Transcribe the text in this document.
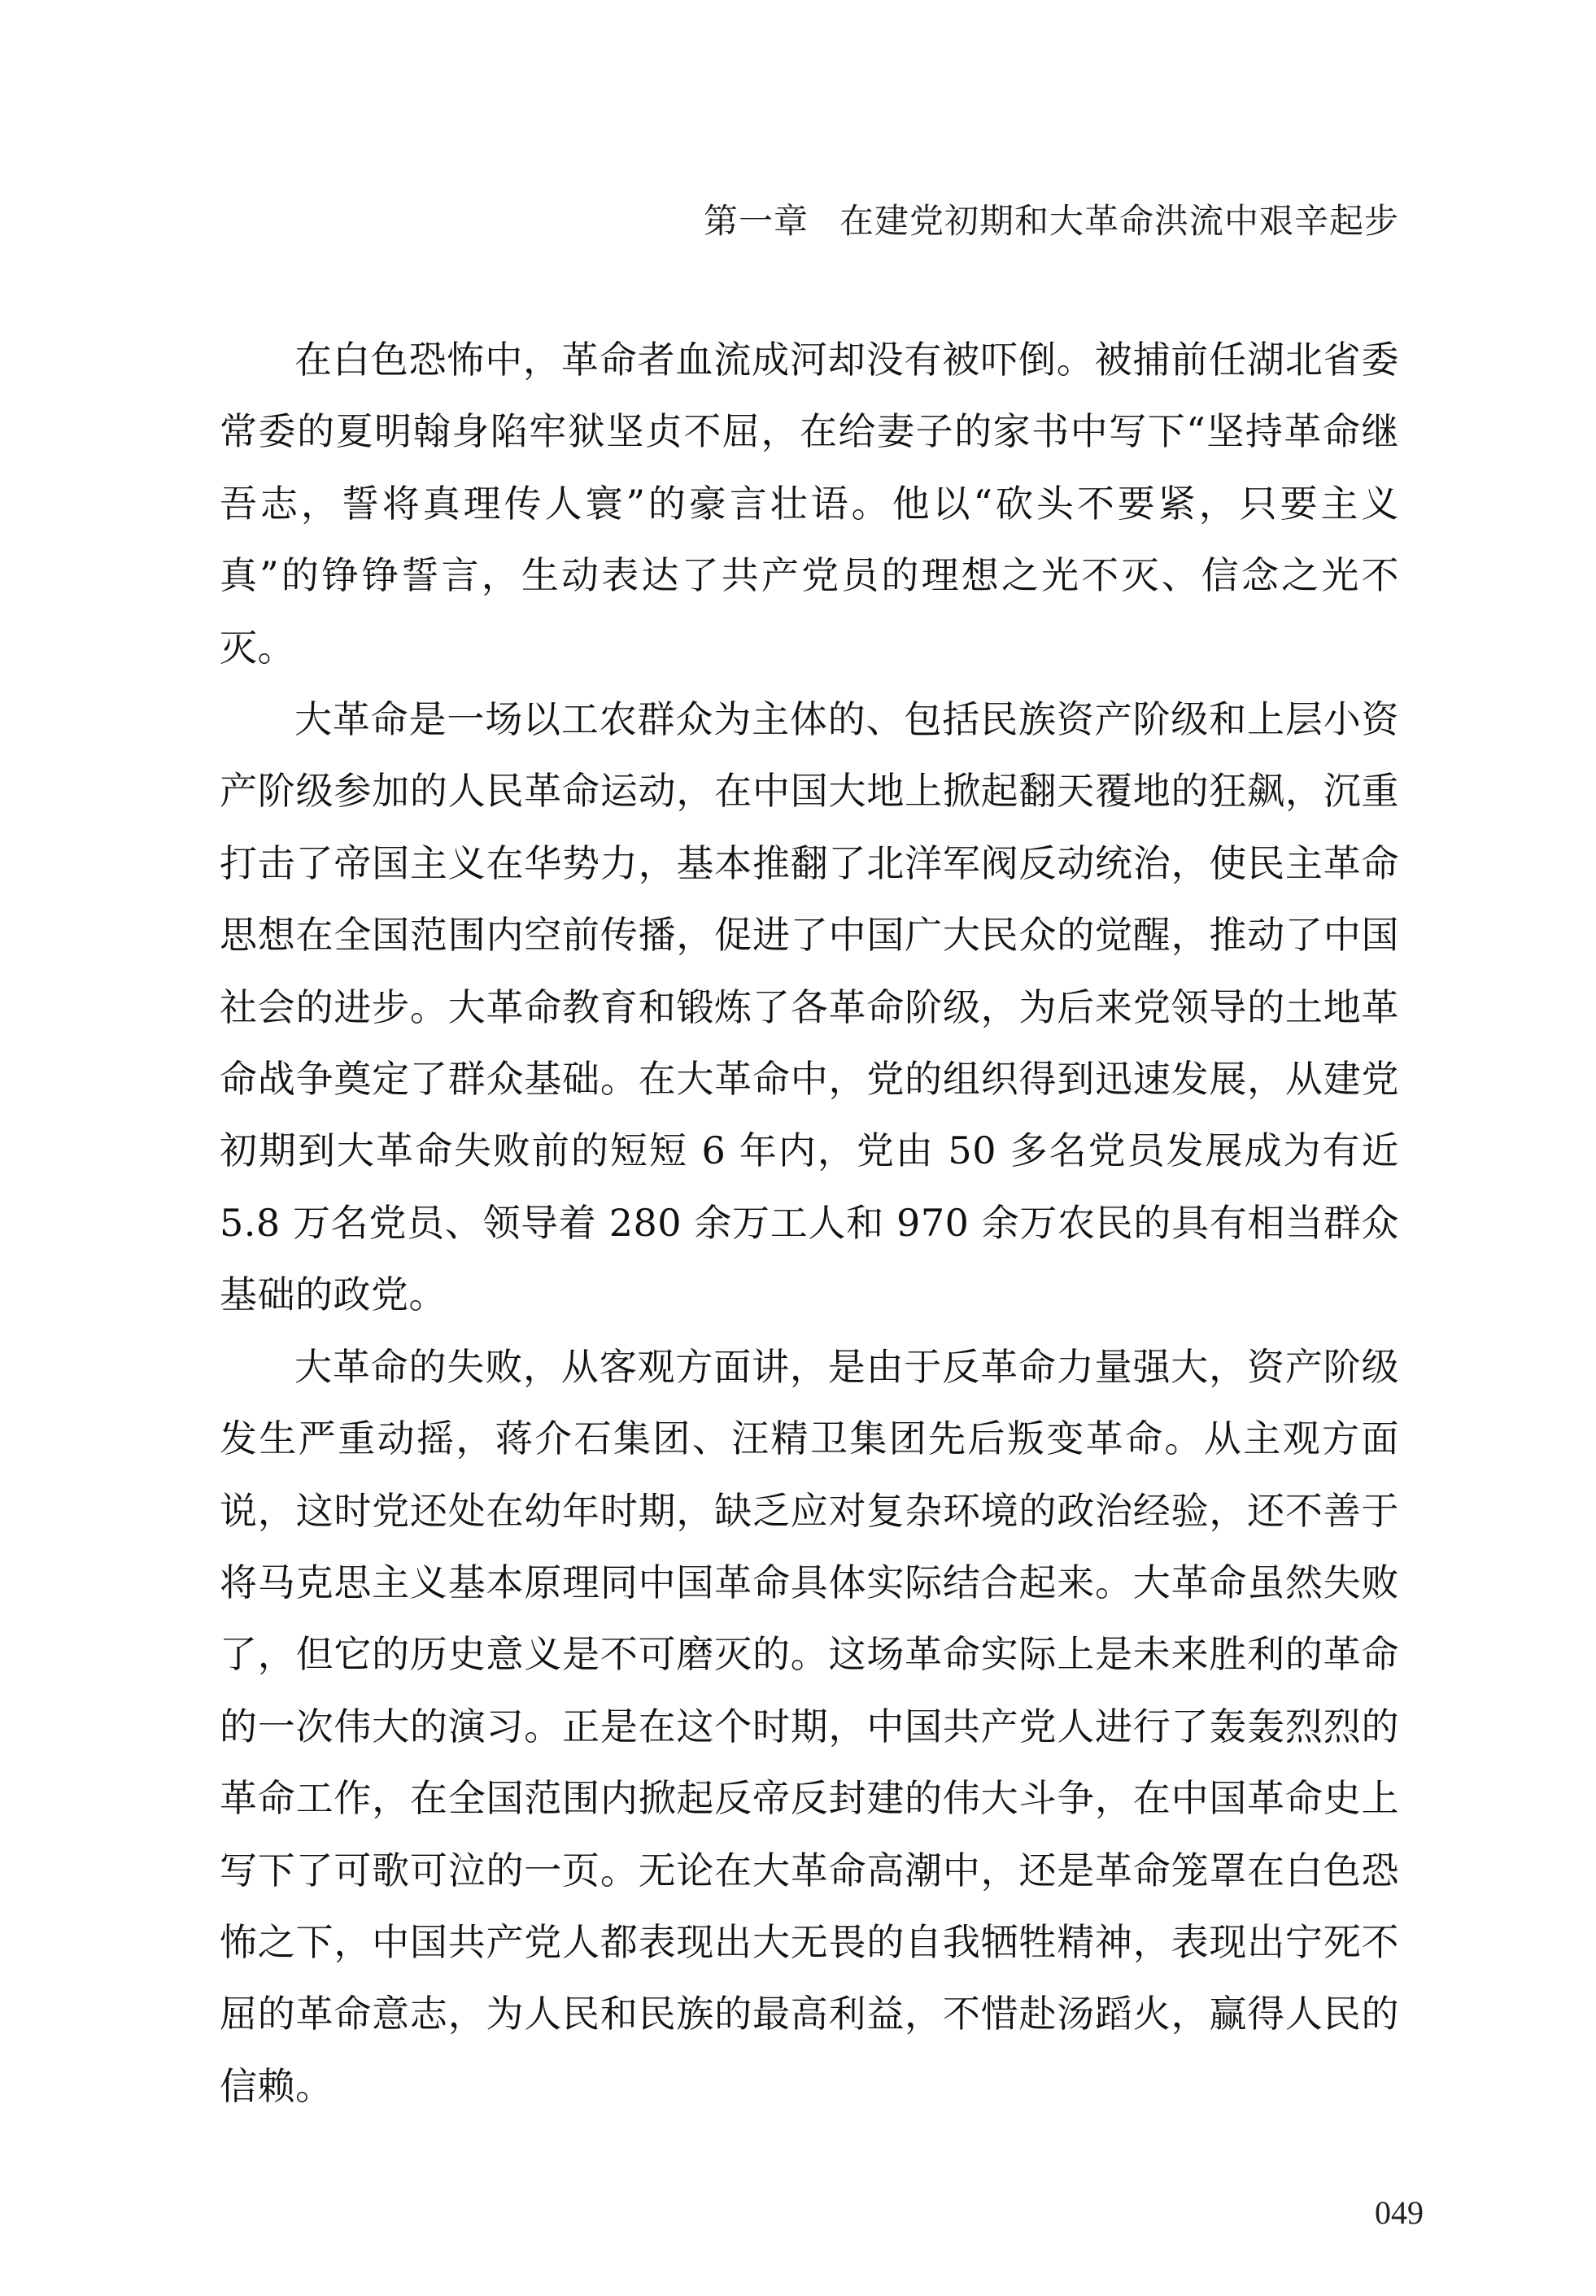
第一章 在建党初期和大革命洪流中艰辛起步

在白色恐怖中，革命者血流成河却没有被吓倒。被捕前任湖北省委常委的夏明翰身陷牢狱坚贞不屈，在给妻子的家书中写下“坚持革命继吾志，誓将真理传人寰”的豪言壮语。他以“砍头不要紧，只要主义真”的铮铮誓言，生动表达了共产党员的理想之光不灭、信念之光不灭。

大革命是一场以工农群众为主体的、包括民族资产阶级和上层小资产阶级参加的人民革命运动，在中国大地上掀起翻天覆地的狂飙，沉重打击了帝国主义在华势力，基本推翻了北洋军阀反动统治，使民主革命思想在全国范围内空前传播，促进了中国广大民众的觉醒，推动了中国社会的进步。大革命教育和锻炼了各革命阶级，为后来党领导的土地革命战争奠定了群众基础。在大革命中，党的组织得到迅速发展，从建党初期到大革命失败前的短短 6 年内，党由 50 多名党员发展成为有近 5.8 万名党员、领导着 280 余万工人和 970 余万农民的具有相当群众基础的政党。

大革命的失败，从客观方面讲，是由于反革命力量强大，资产阶级发生严重动摇，蒋介石集团、汪精卫集团先后叛变革命。从主观方面说，这时党还处在幼年时期，缺乏应对复杂环境的政治经验，还不善于将马克思主义基本原理同中国革命具体实际结合起来。大革命虽然失败了，但它的历史意义是不可磨灭的。这场革命实际上是未来胜利的革命的一次伟大的演习。正是在这个时期，中国共产党人进行了轰轰烈烈的革命工作，在全国范围内掀起反帝反封建的伟大斗争，在中国革命史上写下了可歌可泣的一页。无论在大革命高潮中，还是革命笼罩在白色恐怖之下，中国共产党人都表现出大无畏的自我牺牲精神，表现出宁死不屈的革命意志，为人民和民族的最高利益，不惜赴汤蹈火，赢得人民的信赖。

049
